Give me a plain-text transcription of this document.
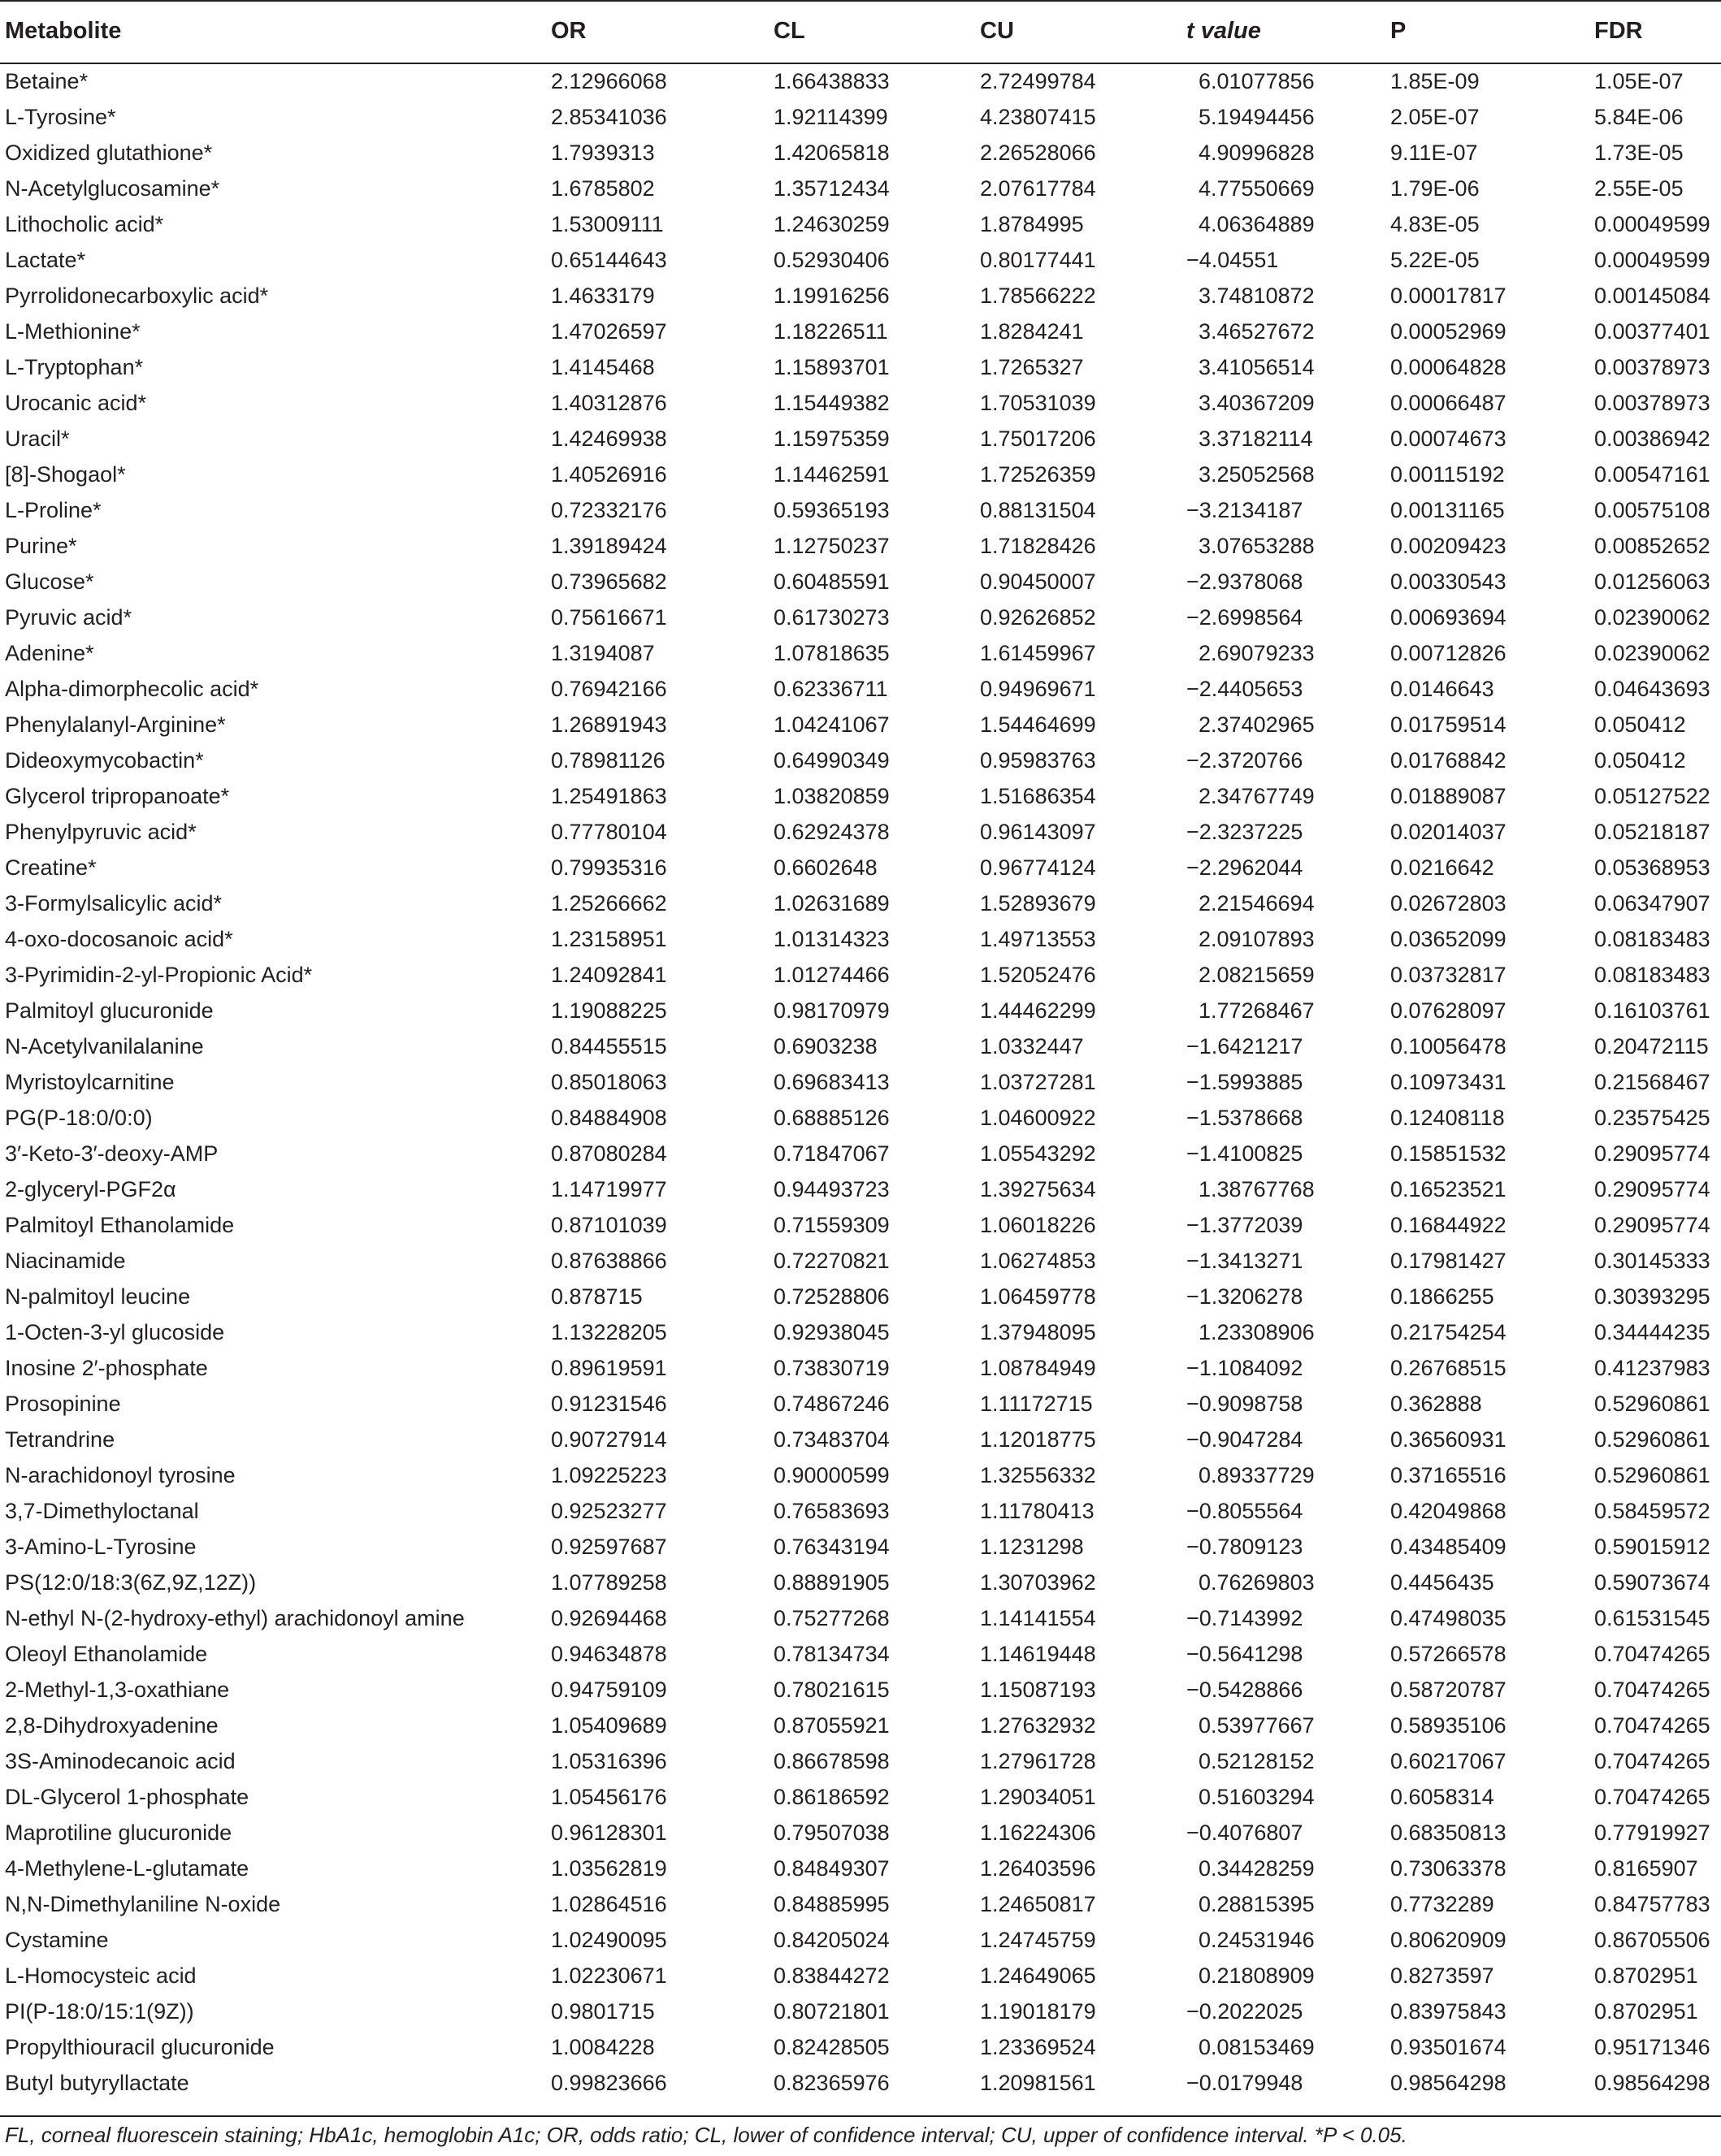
Metabolite	OR	CL	CU	t value	P	FDR
Betaine*	2.12966068	1.66438833	2.72499784	6.01077856	1.85E-09	1.05E-07
L-Tyrosine*	2.85341036	1.92114399	4.23807415	5.19494456	2.05E-07	5.84E-06
Oxidized glutathione*	1.7939313	1.42065818	2.26528066	4.90996828	9.11E-07	1.73E-05
N-Acetylglucosamine*	1.6785802	1.35712434	2.07617784	4.77550669	1.79E-06	2.55E-05
Lithocholic acid*	1.53009111	1.24630259	1.8784995	4.06364889	4.83E-05	0.00049599
Lactate*	0.65144643	0.52930406	0.80177441	−4.04551	5.22E-05	0.00049599
Pyrrolidonecarboxylic acid*	1.4633179	1.19916256	1.78566222	3.74810872	0.00017817	0.00145084
L-Methionine*	1.47026597	1.18226511	1.8284241	3.46527672	0.00052969	0.00377401
L-Tryptophan*	1.4145468	1.15893701	1.7265327	3.41056514	0.00064828	0.00378973
Urocanic acid*	1.40312876	1.15449382	1.70531039	3.40367209	0.00066487	0.00378973
Uracil*	1.42469938	1.15975359	1.75017206	3.37182114	0.00074673	0.00386942
[8]-Shogaol*	1.40526916	1.14462591	1.72526359	3.25052568	0.00115192	0.00547161
L-Proline*	0.72332176	0.59365193	0.88131504	−3.2134187	0.00131165	0.00575108
Purine*	1.39189424	1.12750237	1.71828426	3.07653288	0.00209423	0.00852652
Glucose*	0.73965682	0.60485591	0.90450007	−2.9378068	0.00330543	0.01256063
Pyruvic acid*	0.75616671	0.61730273	0.92626852	−2.6998564	0.00693694	0.02390062
Adenine*	1.3194087	1.07818635	1.61459967	2.69079233	0.00712826	0.02390062
Alpha-dimorphecolic acid*	0.76942166	0.62336711	0.94969671	−2.4405653	0.0146643	0.04643693
Phenylalanyl-Arginine*	1.26891943	1.04241067	1.54464699	2.37402965	0.01759514	0.050412
Dideoxymycobactin*	0.78981126	0.64990349	0.95983763	−2.3720766	0.01768842	0.050412
Glycerol tripropanoate*	1.25491863	1.03820859	1.51686354	2.34767749	0.01889087	0.05127522
Phenylpyruvic acid*	0.77780104	0.62924378	0.96143097	−2.3237225	0.02014037	0.05218187
Creatine*	0.79935316	0.6602648	0.96774124	−2.2962044	0.0216642	0.05368953
3-Formylsalicylic acid*	1.25266662	1.02631689	1.52893679	2.21546694	0.02672803	0.06347907
4-oxo-docosanoic acid*	1.23158951	1.01314323	1.49713553	2.09107893	0.03652099	0.08183483
3-Pyrimidin-2-yl-Propionic Acid*	1.24092841	1.01274466	1.52052476	2.08215659	0.03732817	0.08183483
Palmitoyl glucuronide	1.19088225	0.98170979	1.44462299	1.77268467	0.07628097	0.16103761
N-Acetylvanilalanine	0.84455515	0.6903238	1.0332447	−1.6421217	0.10056478	0.20472115
Myristoylcarnitine	0.85018063	0.69683413	1.03727281	−1.5993885	0.10973431	0.21568467
PG(P-18:0/0:0)	0.84884908	0.68885126	1.04600922	−1.5378668	0.12408118	0.23575425
3′-Keto-3′-deoxy-AMP	0.87080284	0.71847067	1.05543292	−1.4100825	0.15851532	0.29095774
2-glyceryl-PGF2α	1.14719977	0.94493723	1.39275634	1.38767768	0.16523521	0.29095774
Palmitoyl Ethanolamide	0.87101039	0.71559309	1.06018226	−1.3772039	0.16844922	0.29095774
Niacinamide	0.87638866	0.72270821	1.06274853	−1.3413271	0.17981427	0.30145333
N-palmitoyl leucine	0.878715	0.72528806	1.06459778	−1.3206278	0.1866255	0.30393295
1-Octen-3-yl glucoside	1.13228205	0.92938045	1.37948095	1.23308906	0.21754254	0.34444235
Inosine 2′-phosphate	0.89619591	0.73830719	1.08784949	−1.1084092	0.26768515	0.41237983
Prosopinine	0.91231546	0.74867246	1.11172715	−0.9098758	0.362888	0.52960861
Tetrandrine	0.90727914	0.73483704	1.12018775	−0.9047284	0.36560931	0.52960861
N-arachidonoyl tyrosine	1.09225223	0.90000599	1.32556332	0.89337729	0.37165516	0.52960861
3,7-Dimethyloctanal	0.92523277	0.76583693	1.11780413	−0.8055564	0.42049868	0.58459572
3-Amino-L-Tyrosine	0.92597687	0.76343194	1.1231298	−0.7809123	0.43485409	0.59015912
PS(12:0/18:3(6Z,9Z,12Z))	1.07789258	0.88891905	1.30703962	0.76269803	0.4456435	0.59073674
N-ethyl N-(2-hydroxy-ethyl) arachidonoyl amine	0.92694468	0.75277268	1.14141554	−0.7143992	0.47498035	0.61531545
Oleoyl Ethanolamide	0.94634878	0.78134734	1.14619448	−0.5641298	0.57266578	0.70474265
2-Methyl-1,3-oxathiane	0.94759109	0.78021615	1.15087193	−0.5428866	0.58720787	0.70474265
2,8-Dihydroxyadenine	1.05409689	0.87055921	1.27632932	0.53977667	0.58935106	0.70474265
3S-Aminodecanoic acid	1.05316396	0.86678598	1.27961728	0.52128152	0.60217067	0.70474265
DL-Glycerol 1-phosphate	1.05456176	0.86186592	1.29034051	0.51603294	0.6058314	0.70474265
Maprotiline glucuronide	0.96128301	0.79507038	1.16224306	−0.4076807	0.68350813	0.77919927
4-Methylene-L-glutamate	1.03562819	0.84849307	1.26403596	0.34428259	0.73063378	0.8165907
N,N-Dimethylaniline N-oxide	1.02864516	0.84885995	1.24650817	0.28815395	0.7732289	0.84757783
Cystamine	1.02490095	0.84205024	1.24745759	0.24531946	0.80620909	0.86705506
L-Homocysteic acid	1.02230671	0.83844272	1.24649065	0.21808909	0.8273597	0.8702951
PI(P-18:0/15:1(9Z))	0.9801715	0.80721801	1.19018179	−0.2022025	0.83975843	0.8702951
Propylthiouracil glucuronide	1.0084228	0.82428505	1.23369524	0.08153469	0.93501674	0.95171346
Butyl butyryllactate	0.99823666	0.82365976	1.20981561	−0.0179948	0.98564298	0.98564298
FL, corneal fluorescein staining; HbA1c, hemoglobin A1c; OR, odds ratio; CL, lower of confidence interval; CU, upper of confidence interval. *P < 0.05.
